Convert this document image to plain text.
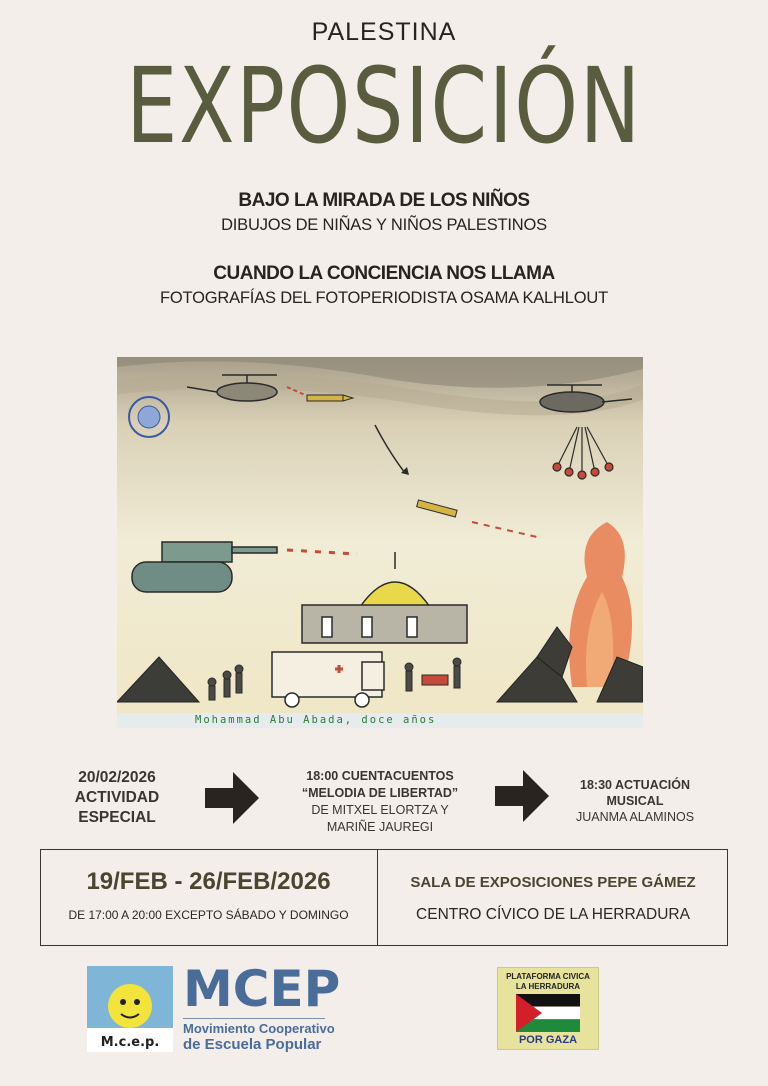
PALESTINA
EXPOSICIÓN
BAJO LA MIRADA DE LOS NIÑOS
DIBUJOS DE NIÑAS Y NIÑOS PALESTINOS
CUANDO LA CONCIENCIA NOS LLAMA
FOTOGRAFÍAS DEL FOTOPERIODISTA OSAMA KALHLOUT
Mohammad Abu Abada, doce años
20/02/2026
ACTIVIDAD
ESPECIAL
18:00 CUENTACUENTOS
“MELODIA DE LIBERTAD”
DE MITXEL ELORTZA Y
MARIÑE JAUREGI
18:30 ACTUACIÓN
MUSICAL
JUANMA ALAMINOS
19/FEB - 26/FEB/2026
DE 17:00 A 20:00 EXCEPTO SÁBADO Y DOMINGO
SALA DE EXPOSICIONES PEPE GÁMEZ
CENTRO CÍVICO DE LA HERRADURA
M.c.e.p.
MCEP
Movimiento Cooperativo
de Escuela Popular
PLATAFORMA CIVICA
LA HERRADURA
POR GAZA
